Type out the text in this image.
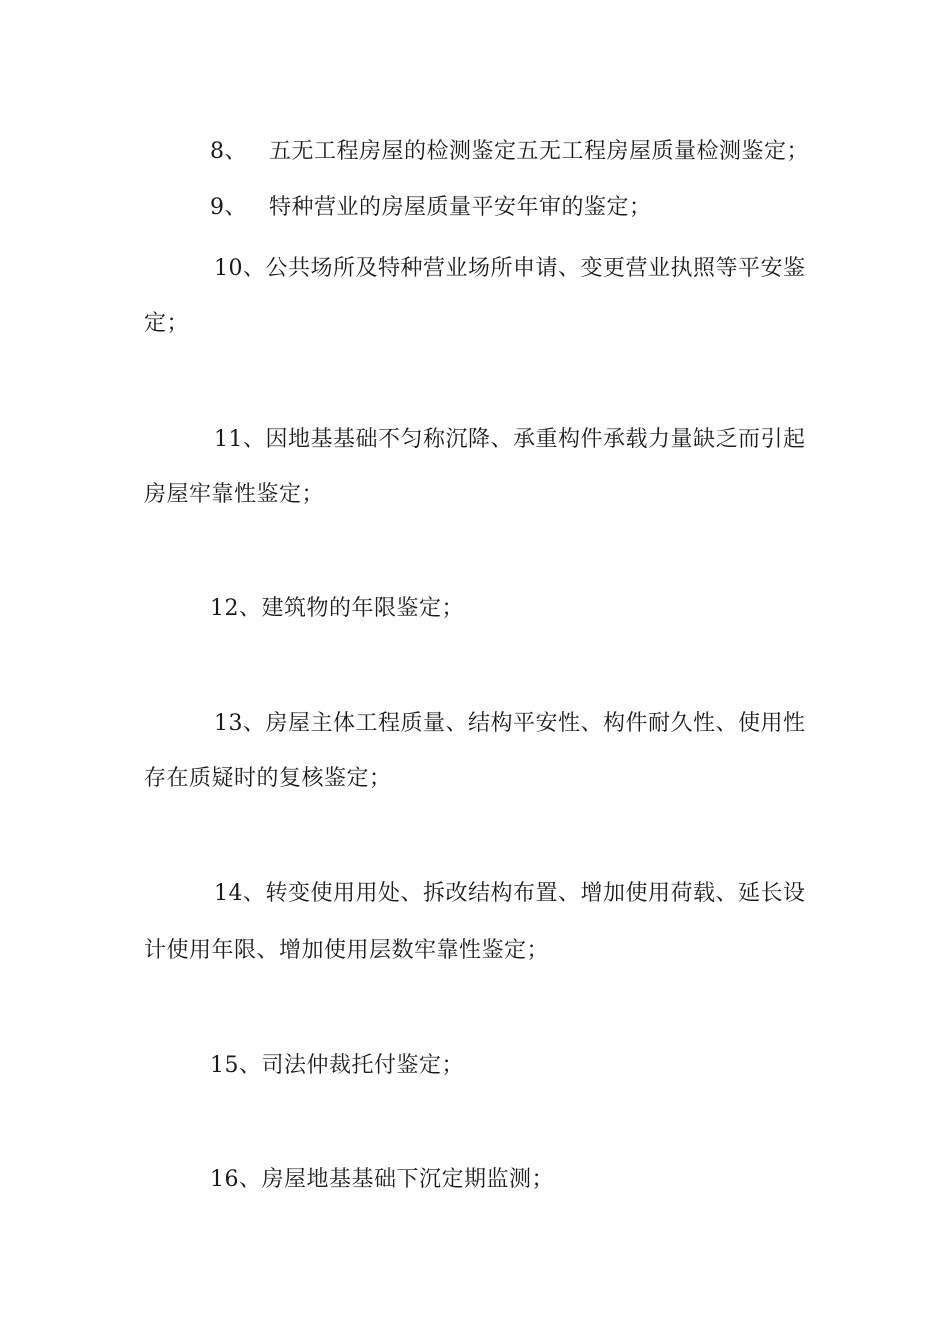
8、 五无工程房屋的检测鉴定五无工程房屋质量检测鉴定；
9、 特种营业的房屋质量平安年审的鉴定；
10、公共场所及特种营业场所申请、变更营业执照等平安鉴
定；
11、因地基基础不匀称沉降、承重构件承载力量缺乏而引起
房屋牢靠性鉴定；
12、建筑物的年限鉴定；
13、房屋主体工程质量、结构平安性、构件耐久性、使用性
存在质疑时的复核鉴定；
14、转变使用用处、拆改结构布置、增加使用荷载、延长设
计使用年限、增加使用层数牢靠性鉴定；
15、司法仲裁托付鉴定；
16、房屋地基基础下沉定期监测；
